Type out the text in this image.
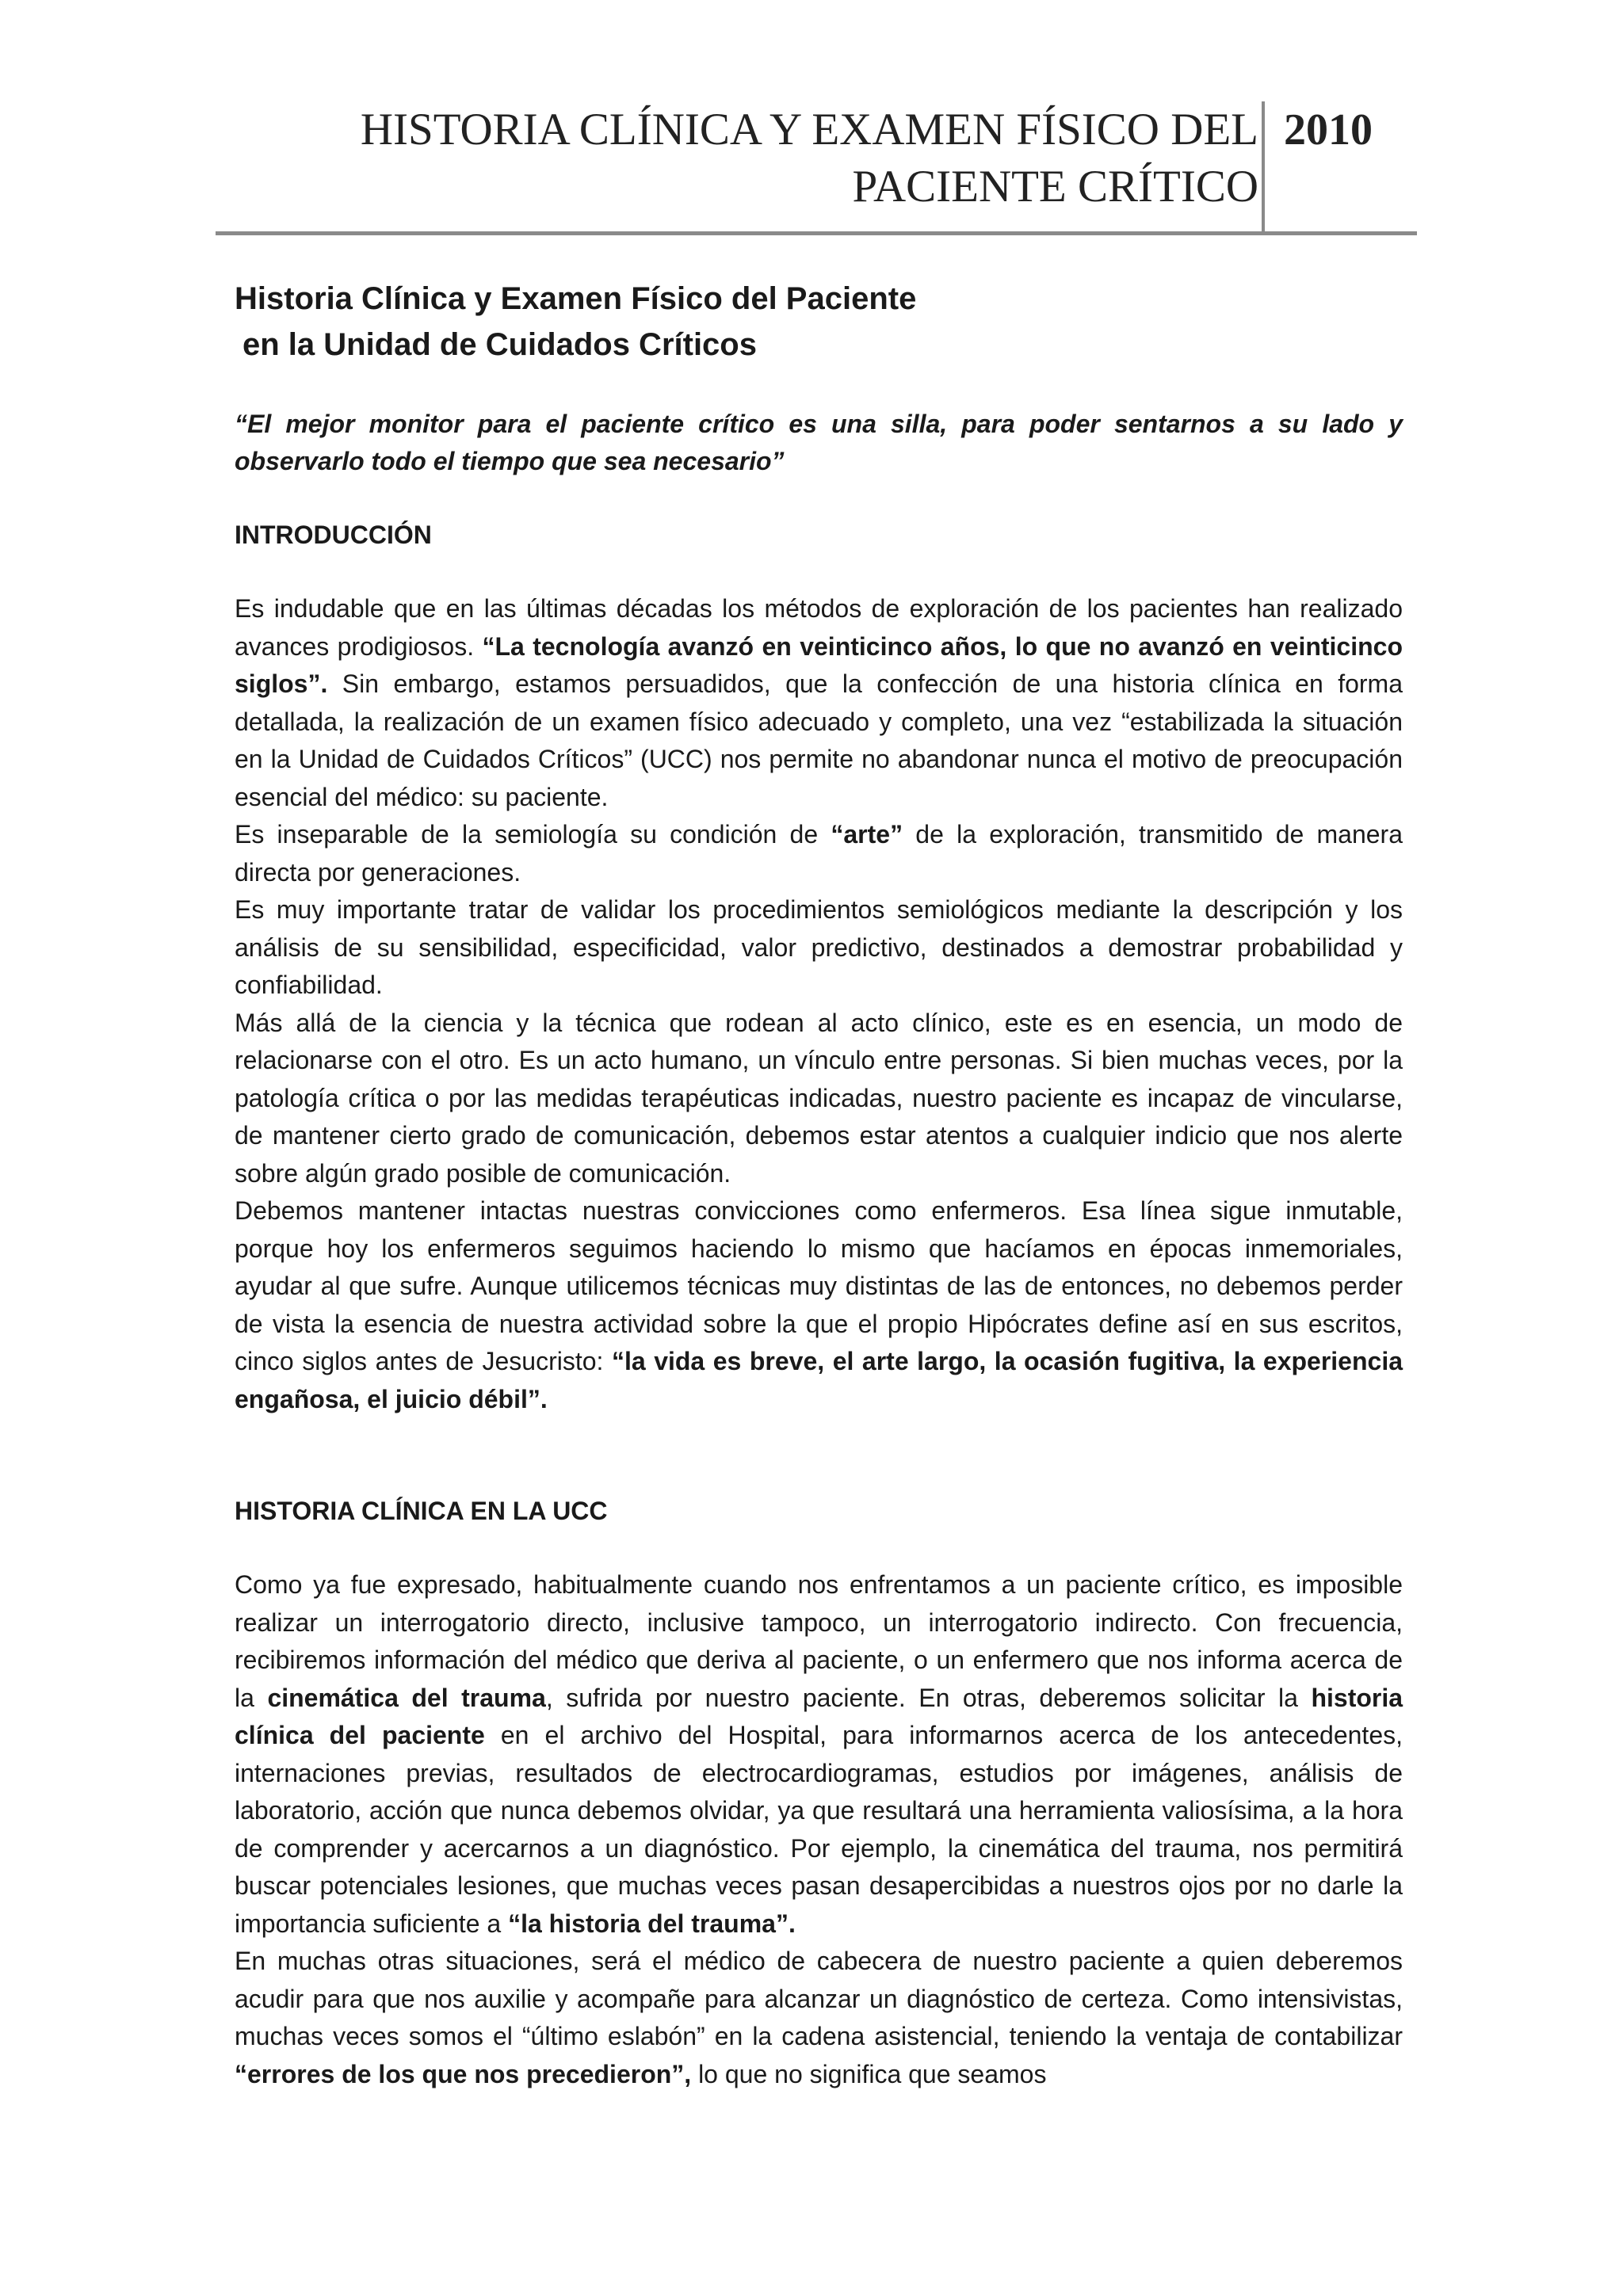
HISTORIA CLÍNICA Y EXAMEN FÍSICO DEL
PACIENTE CRÍTICO
2010
Historia Clínica y Examen Físico del Paciente
en la Unidad de Cuidados Críticos
“El mejor monitor para el paciente crítico es una silla, para poder sentarnos a su lado y observarlo todo el tiempo que sea necesario”
INTRODUCCIÓN

Es indudable que en las últimas décadas los métodos de exploración de los pacientes han realizado avances prodigiosos. “La tecnología avanzó en veinticinco años, lo que no avanzó en veinticinco siglos”. Sin embargo, estamos persuadidos, que la confección de una historia clínica en forma detallada, la realización de un examen físico adecuado y completo, una vez “estabilizada la situación en la Unidad de Cuidados Críticos” (UCC) nos permite no abandonar nunca el motivo de preocupación esencial del médico: su paciente.

Es inseparable de la semiología su condición de “arte” de la exploración, transmitido de manera directa por generaciones.

Es muy importante tratar de validar los procedimientos semiológicos mediante la descripción y los análisis de su sensibilidad, especificidad, valor predictivo, destinados a demostrar probabilidad y confiabilidad.

Más allá de la ciencia y la técnica que rodean al acto clínico, este es en esencia, un modo de relacionarse con el otro. Es un acto humano, un vínculo entre personas. Si bien muchas veces, por la patología crítica o por las medidas terapéuticas indicadas, nuestro paciente es incapaz de vincularse, de mantener cierto grado de comunicación, debemos estar atentos a cualquier indicio que nos alerte sobre algún grado posible de comunicación.

Debemos mantener intactas nuestras convicciones como enfermeros. Esa línea sigue inmutable, porque hoy los enfermeros seguimos haciendo lo mismo que hacíamos en épocas inmemoriales, ayudar al que sufre. Aunque utilicemos técnicas muy distintas de las de entonces, no debemos perder de vista la esencia de nuestra actividad sobre la que el propio Hipócrates define así en sus escritos, cinco siglos antes de Jesucristo: “la vida es breve, el arte largo, la ocasión fugitiva, la experiencia engañosa, el juicio débil”.

HISTORIA CLÍNICA EN LA UCC

Como ya fue expresado, habitualmente cuando nos enfrentamos a un paciente crítico, es imposible realizar un interrogatorio directo, inclusive tampoco, un interrogatorio indirecto. Con frecuencia, recibiremos información del médico que deriva al paciente, o un enfermero que nos informa acerca de la cinemática del trauma, sufrida por nuestro paciente. En otras, deberemos solicitar la historia clínica del paciente en el archivo del Hospital, para informarnos acerca de los antecedentes, internaciones previas, resultados de electrocardiogramas, estudios por imágenes, análisis de laboratorio, acción que nunca debemos olvidar, ya que resultará una herramienta valiosísima, a la hora de comprender y acercarnos a un diagnóstico. Por ejemplo, la cinemática del trauma, nos permitirá buscar potenciales lesiones, que muchas veces pasan desapercibidas a nuestros ojos por no darle la importancia suficiente a “la historia del trauma”.

En muchas otras situaciones, será el médico de cabecera de nuestro paciente a quien deberemos acudir para que nos auxilie y acompañe para alcanzar un diagnóstico de certeza. Como intensivistas, muchas veces somos el “último eslabón” en la cadena asistencial, teniendo la ventaja de contabilizar “errores de los que nos precedieron”, lo que no significa que seamos
